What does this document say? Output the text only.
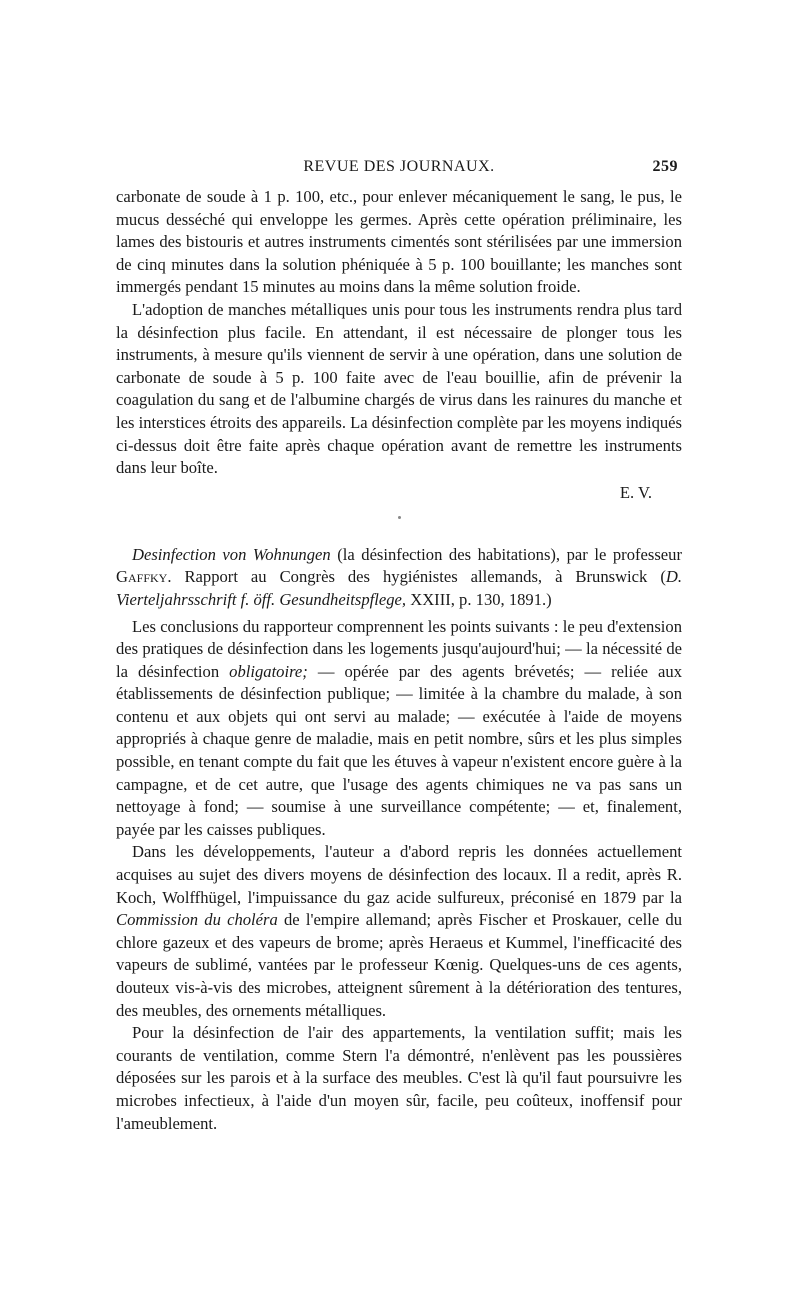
REVUE DES JOURNAUX.	259

carbonate de soude à 1 p. 100, etc., pour enlever mécaniquement le sang, le pus, le mucus desséché qui enveloppe les germes. Après cette opération préliminaire, les lames des bistouris et autres instruments cimentés sont stérilisées par une immersion de cinq minutes dans la solution phéniquée à 5 p. 100 bouillante; les manches sont immergés pendant 15 minutes au moins dans la même solution froide.

L'adoption de manches métalliques unis pour tous les instruments rendra plus tard la désinfection plus facile. En attendant, il est nécessaire de plonger tous les instruments, à mesure qu'ils viennent de servir à une opération, dans une solution de carbonate de soude à 5 p. 100 faite avec de l'eau bouillie, afin de prévenir la coagulation du sang et de l'albumine chargés de virus dans les rainures du manche et les interstices étroits des appareils. La désinfection complète par les moyens indiqués ci-dessus doit être faite après chaque opération avant de remettre les instruments dans leur boîte.

E. V.

Desinfection von Wohnungen (la désinfection des habitations), par le professeur Gaffky. Rapport au Congrès des hygiénistes allemands, à Brunswick (D. Vierteljahrsschrift f. öff. Gesundheitspflege, XXIII, p. 130, 1891.)

Les conclusions du rapporteur comprennent les points suivants : le peu d'extension des pratiques de désinfection dans les logements jusqu'aujourd'hui; — la nécessité de la désinfection obligatoire; — opérée par des agents brévetés; — reliée aux établissements de désinfection publique; — limitée à la chambre du malade, à son contenu et aux objets qui ont servi au malade; — exécutée à l'aide de moyens appropriés à chaque genre de maladie, mais en petit nombre, sûrs et les plus simples possible, en tenant compte du fait que les étuves à vapeur n'existent encore guère à la campagne, et de cet autre, que l'usage des agents chimiques ne va pas sans un nettoyage à fond; — soumise à une surveillance compétente; — et, finalement, payée par les caisses publiques.

Dans les développements, l'auteur a d'abord repris les données actuellement acquises au sujet des divers moyens de désinfection des locaux. Il a redit, après R. Koch, Wolffhügel, l'impuissance du gaz acide sulfureux, préconisé en 1879 par la Commission du choléra de l'empire allemand; après Fischer et Proskauer, celle du chlore gazeux et des vapeurs de brome; après Heraeus et Kummel, l'inefficacité des vapeurs de sublimé, vantées par le professeur Kœnig. Quelques-uns de ces agents, douteux vis-à-vis des microbes, atteignent sûrement à la détérioration des tentures, des meubles, des ornements métalliques.

Pour la désinfection de l'air des appartements, la ventilation suffit; mais les courants de ventilation, comme Stern l'a démontré, n'enlèvent pas les poussières déposées sur les parois et à la surface des meubles. C'est là qu'il faut poursuivre les microbes infectieux, à l'aide d'un moyen sûr, facile, peu coûteux, inoffensif pour l'ameublement.
